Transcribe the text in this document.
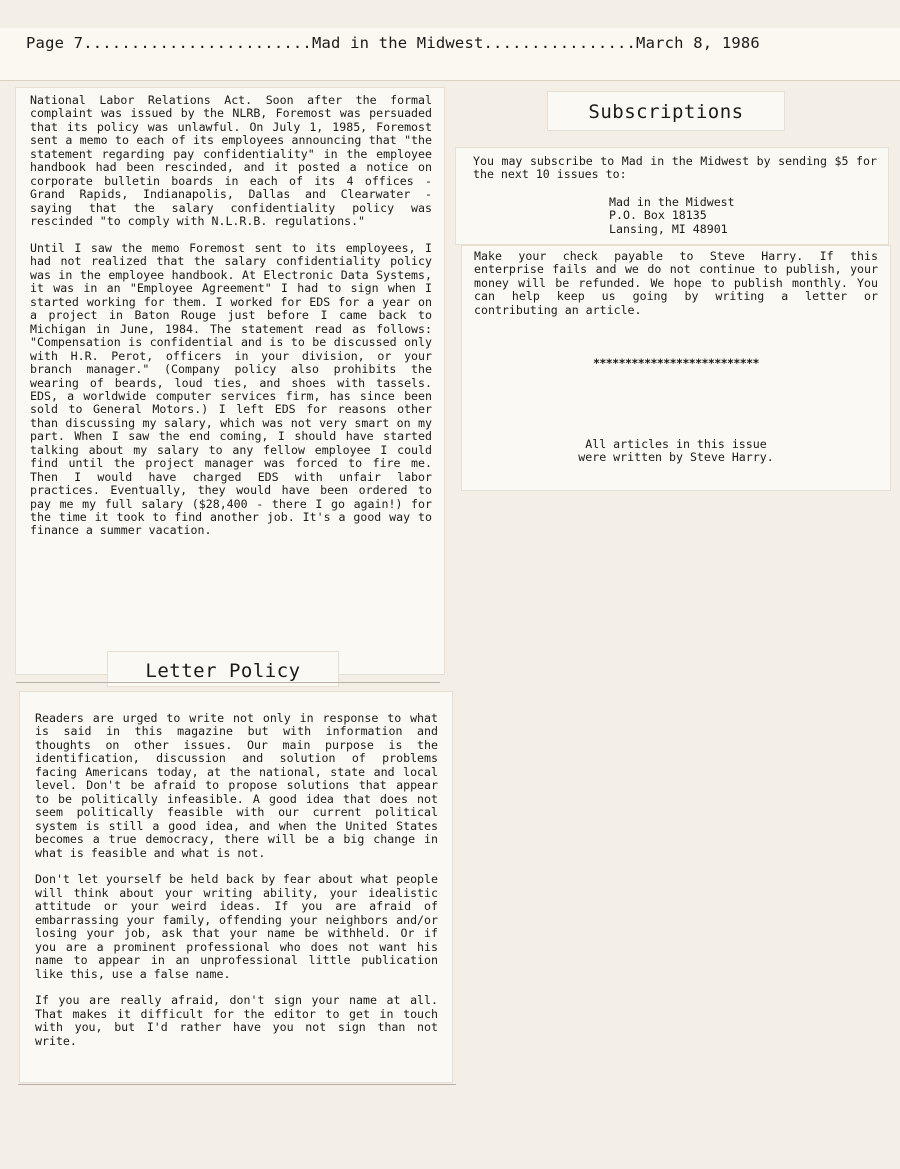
Page 7........................Mad in the Midwest................March 8, 1986

National Labor Relations Act. Soon after the formal complaint was issued by the NLRB, Foremost was persuaded that its policy was unlawful. On July 1, 1985, Foremost sent a memo to each of its employees announcing that "the statement regarding pay confidentiality" in the employee handbook had been rescinded, and it posted a notice on corporate bulletin boards in each of its 4 offices - Grand Rapids, Indianapolis, Dallas and Clearwater - saying that the salary confidentiality policy was rescinded "to comply with N.L.R.B. regulations."

Until I saw the memo Foremost sent to its employees, I had not realized that the salary confidentiality policy was in the employee handbook. At Electronic Data Systems, it was in an "Employee Agreement" I had to sign when I started working for them. I worked for EDS for a year on a project in Baton Rouge just before I came back to Michigan in June, 1984. The statement read as follows: "Compensation is confidential and is to be discussed only with H.R. Perot, officers in your division, or your branch manager." (Company policy also prohibits the wearing of beards, loud ties, and shoes with tassels. EDS, a worldwide computer services firm, has since been sold to General Motors.) I left EDS for reasons other than discussing my salary, which was not very smart on my part. When I saw the end coming, I should have started talking about my salary to any fellow employee I could find until the project manager was forced to fire me. Then I would have charged EDS with unfair labor practices. Eventually, they would have been ordered to pay me my full salary ($28,400 - there I go again!) for the time it took to find another job. It's a good way to finance a summer vacation.

Letter Policy

Readers are urged to write not only in response to what is said in this magazine but with information and thoughts on other issues. Our main purpose is the identification, discussion and solution of problems facing Americans today, at the national, state and local level. Don't be afraid to propose solutions that appear to be politically infeasible. A good idea that does not seem politically feasible with our current political system is still a good idea, and when the United States becomes a true democracy, there will be a big change in what is feasible and what is not.

Don't let yourself be held back by fear about what people will think about your writing ability, your idealistic attitude or your weird ideas. If you are afraid of embarrassing your family, offending your neighbors and/or losing your job, ask that your name be withheld. Or if you are a prominent professional who does not want his name to appear in an unprofessional little publication like this, use a false name.

If you are really afraid, don't sign your name at all. That makes it difficult for the editor to get in touch with you, but I'd rather have you not sign than not write.

Subscriptions
You may subscribe to Mad in the Midwest by sending $5 for the next 10 issues to:
Mad in the Midwest
P.O. Box 18135
Lansing, MI 48901
Make your check payable to Steve Harry. If this enterprise fails and we do not continue to publish, your money will be refunded. We hope to publish monthly. You can help keep us going by writing a letter or contributing an article.
**************************
All articles in this issue
were written by Steve Harry.
